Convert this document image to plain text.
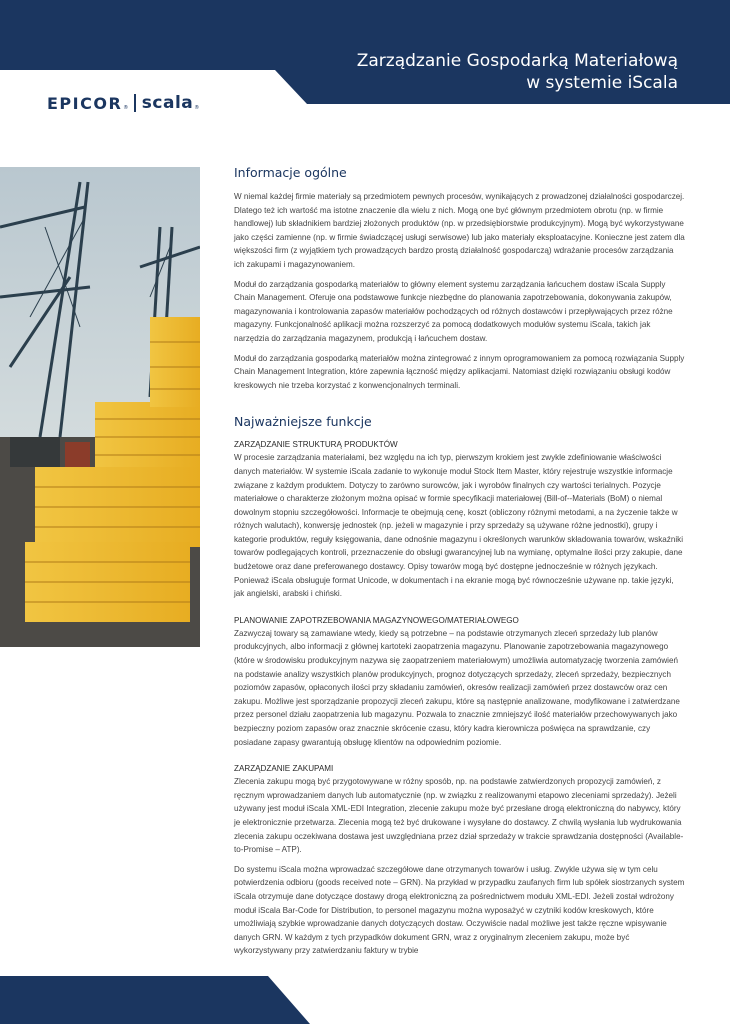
Zarządzanie Gospodarką Materiałową
w systemie iScala
EPICOR ® scala ®
Informacje ogólne

W niemal każdej firmie materiały są przedmiotem pewnych procesów, wynikających z prowadzonej działalności gospodarczej. Dlatego też ich wartość ma istotne znaczenie dla wielu z nich. Mogą one być głównym przedmiotem obrotu (np. w firmie handlowej) lub składnikiem bardziej złożonych produktów (np. w przedsiębiorstwie produkcyjnym). Mogą być wykorzystywane jako części zamienne (np. w firmie świadczącej usługi serwisowe) lub jako materiały eksploatacyjne. Konieczne jest zatem dla większości firm (z wyjątkiem tych prowadzących bardzo prostą działalność gospodarczą) wdrażanie procesów zarządzania ich zakupami i magazynowaniem.

Moduł do zarządzania gospodarką materiałów to główny element systemu zarządzania łańcuchem dostaw iScala Supply Chain Management. Oferuje ona podstawowe funkcje niezbędne do planowania zapotrzebowania, dokonywania zakupów, magazynowania i kontrolowania zapasów materiałów pochodzących od różnych dostawców i przepływających przez różne magazyny. Funkcjonalność aplikacji można rozszerzyć za pomocą dodatkowych modułów systemu iScala, takich jak narzędzia do zarządzania magazynem, produkcją i łańcuchem dostaw.

Moduł do zarządzania gospodarką materiałów można zintegrować z innym oprogramowaniem za pomocą rozwiązania Supply Chain Management Integration, które zapewnia łączność między aplikacjami. Natomiast dzięki rozwiązaniu obsługi kodów kreskowych nie trzeba korzystać z konwencjonalnych terminali.

Najważniejsze funkcje
ZARZĄDZANIE STRUKTURĄ PRODUKTÓW

W procesie zarządzania materiałami, bez względu na ich typ, pierwszym krokiem jest zwykle zdefiniowanie właściwości danych materiałów. W systemie iScala zadanie to wykonuje moduł Stock Item Master, który rejestruje wszystkie informacje związane z każdym produktem. Dotyczy to zarówno surowców, jak i wyrobów finalnych czy wartości terialnych. Pozycje materiałowe o charakterze złożonym można opisać w formie specyfikacji materiałowej (Bill-of--Materials (BoM) o niemal dowolnym stopniu szczegółowości. Informacje te obejmują cenę, koszt (obliczony różnymi metodami, a na życzenie także w różnych walutach), konwersję jednostek (np. jeżeli w magazynie i przy sprzedaży są używane różne jednostki), grupy i kategorie produktów, reguły księgowania, dane odnośnie magazynu i określonych warunków składowania towarów, wskaźniki towarów podlegających kontroli, przeznaczenie do obsługi gwarancyjnej lub na wymianę, optymalne ilości przy zakupie, dane budżetowe oraz dane preferowanego dostawcy. Opisy towarów mogą być dostępne jednocześnie w różnych językach. Ponieważ iScala obsługuje format Unicode, w dokumentach i na ekranie mogą być równocześnie używane np. takie języki, jak angielski, arabski i chiński.

PLANOWANIE ZAPOTRZEBOWANIA MAGAZYNOWEGO/MATERIAŁOWEGO

Zazwyczaj towary są zamawiane wtedy, kiedy są potrzebne – na podstawie otrzymanych zleceń sprzedaży lub planów produkcyjnych, albo informacji z głównej kartoteki zaopatrzenia magazynu. Planowanie zapotrzebowania magazynowego (które w środowisku produkcyjnym nazywa się zaopatrzeniem materiałowym) umożliwia automatyzację tworzenia zamówień na podstawie analizy wszystkich planów produkcyjnych, prognoz dotyczących sprzedaży, zleceń sprzedaży, bezpiecznych poziomów zapasów, opłaconych ilości przy składaniu zamówień, okresów realizacji zamówień przez dostawców oraz cen zakupu. Możliwe jest sporządzanie propozycji zleceń zakupu, które są następnie analizowane, modyfikowane i zatwierdzane przez personel działu zaopatrzenia lub magazynu. Pozwala to znacznie zmniejszyć ilość materiałów przechowywanych jako bezpieczny poziom zapasów oraz znacznie skrócenie czasu, który kadra kierownicza poświęca na sprawdzanie, czy posiadane zapasy gwarantują obsługę klientów na odpowiednim poziomie.

ZARZĄDZANIE ZAKUPAMI

Zlecenia zakupu mogą być przygotowywane w różny sposób, np. na podstawie zatwierdzonych propozycji zamówień, z ręcznym wprowadzaniem danych lub automatycznie (np. w związku z realizowanymi etapowo zleceniami sprzedaży). Jeżeli używany jest moduł iScala XML-EDI Integration, zlecenie zakupu może być przesłane drogą elektroniczną do nabywcy, który je elektronicznie przetwarza. Zlecenia mogą też być drukowane i wysyłane do dostawcy. Z chwilą wysłania lub wydrukowania zlecenia zakupu oczekiwana dostawa jest uwzględniana przez dział sprzedaży w trakcie sprawdzania dostępności (Available-to-Promise – ATP).

Do systemu iScala można wprowadzać szczegółowe dane otrzymanych towarów i usług. Zwykle używa się w tym celu potwierdzenia odbioru (goods received note – GRN). Na przykład w przypadku zaufanych firm lub spółek siostrzanych system iScala otrzymuje dane dotyczące dostawy drogą elektroniczną za pośrednictwem modułu XML-EDI. Jeżeli został wdrożony moduł iScala Bar-Code for Distribution, to personel magazynu można wyposażyć w czytniki kodów kreskowych, które umożliwiają szybkie wprowadzanie danych dotyczących dostaw. Oczywiście nadal możliwe jest także ręczne wpisywanie danych GRN. W każdym z tych przypadków dokument GRN, wraz z oryginalnym zleceniem zakupu, może być wykorzystywany przy zatwierdzaniu faktury w trybie
